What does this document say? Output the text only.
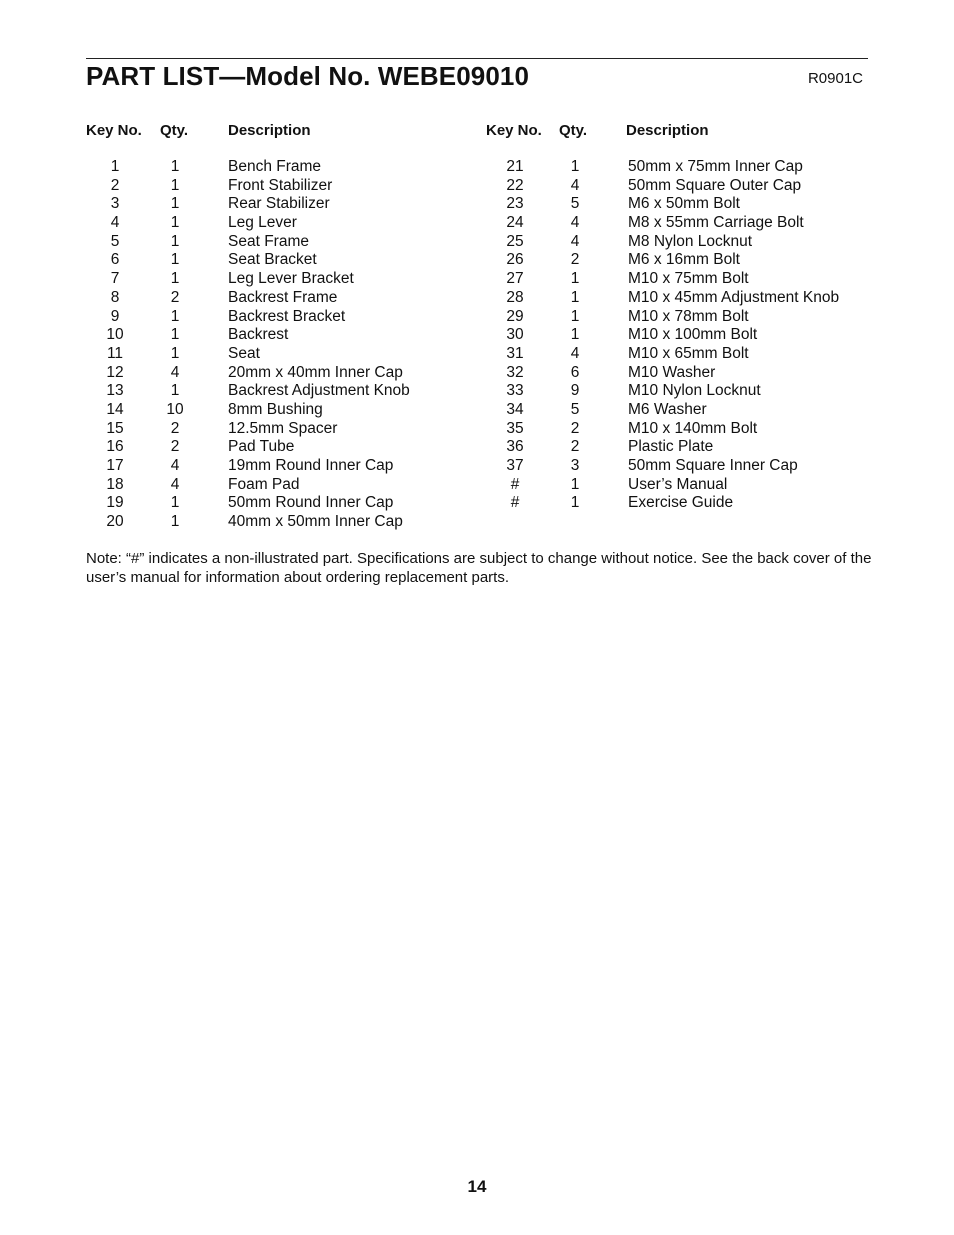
PART LIST—Model No. WEBE09010	R0901C
Key No. Qty.	Description	Key No. Qty.	Description
1	1	Bench Frame
2	1	Front Stabilizer
3	1	Rear Stabilizer
4	1	Leg Lever
5	1	Seat Frame
6	1	Seat Bracket
7	1	Leg Lever Bracket
8	2	Backrest Frame
9	1	Backrest Bracket
10	1	Backrest
11	1	Seat
12	4	20mm x 40mm Inner Cap
13	1	Backrest Adjustment Knob
14	10	8mm Bushing
15	2	12.5mm Spacer
16	2	Pad Tube
17	4	19mm Round Inner Cap
18	4	Foam Pad
19	1	50mm Round Inner Cap
20	1	40mm x 50mm Inner Cap
21	1	50mm x 75mm Inner Cap
22	4	50mm Square Outer Cap
23	5	M6 x 50mm Bolt
24	4	M8 x 55mm Carriage Bolt
25	4	M8 Nylon Locknut
26	2	M6 x 16mm Bolt
27	1	M10 x 75mm Bolt
28	1	M10 x 45mm Adjustment Knob
29	1	M10 x 78mm Bolt
30	1	M10 x 100mm Bolt
31	4	M10 x 65mm Bolt
32	6	M10 Washer
33	9	M10 Nylon Locknut
34	5	M6 Washer
35	2	M10 x 140mm Bolt
36	2	Plastic Plate
37	3	50mm Square Inner Cap
#	1	User’s Manual
#	1	Exercise Guide
Note: “#” indicates a non-illustrated part. Specifications are subject to change without notice. See the back cover of the user’s manual for information about ordering replacement parts.
14
